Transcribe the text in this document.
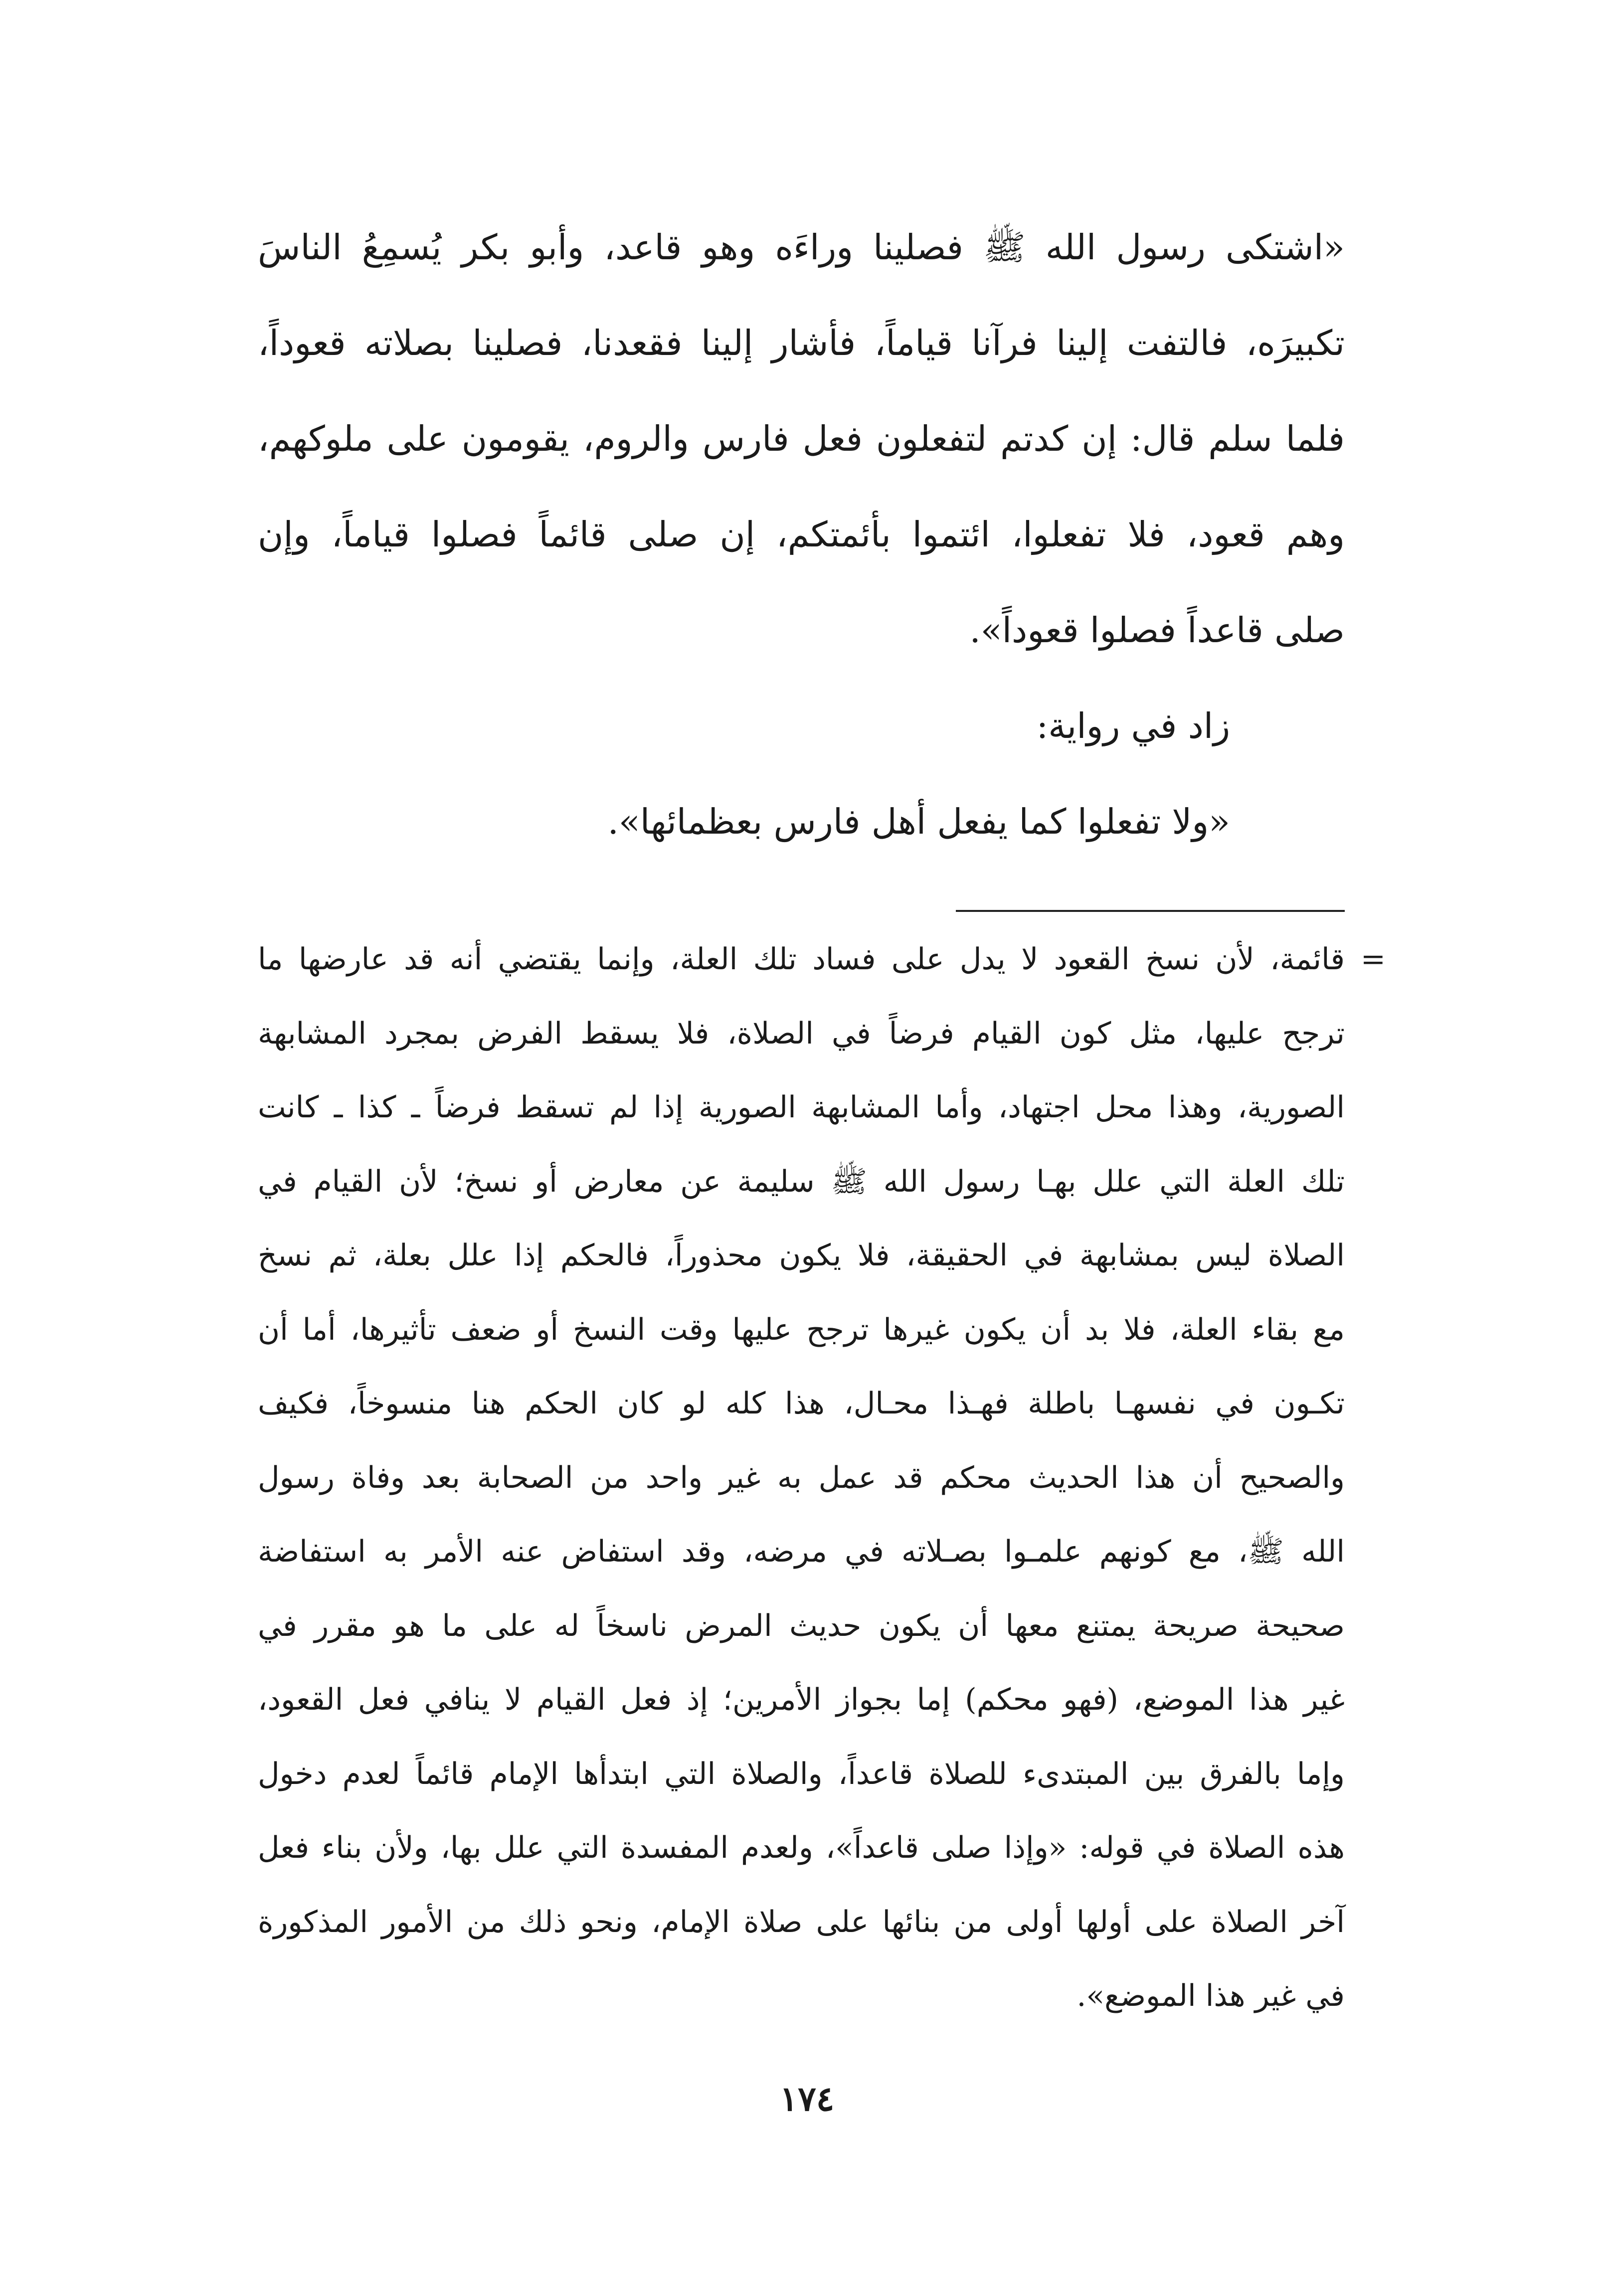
«اشتكى رسول الله ﷺ فصلينا وراءَه وهو قاعد، وأبو بكر يُسمِعُ الناسَ
تكبيرَه، فالتفت إلينا فرآنا قياماً، فأشار إلينا فقعدنا، فصلينا بصلاته قعوداً،
فلما سلم قال: إن كدتم لتفعلون فعل فارس والروم، يقومون على ملوكهم،
وهم قعود، فلا تفعلوا، ائتموا بأئمتكم، إن صلى قائماً فصلوا قياماً، وإن
صلى قاعداً فصلوا قعوداً».
زاد في رواية:
«ولا تفعلوا كما يفعل أهل فارس بعظمائها».
=
قائمة، لأن نسخ القعود لا يدل على فساد تلك العلة، وإنما يقتضي أنه قد عارضها ما
ترجح عليها، مثل كون القيام فرضاً في الصلاة، فلا يسقط الفرض بمجرد المشابهة
الصورية، وهذا محل اجتهاد، وأما المشابهة الصورية إذا لم تسقط فرضاً ـ كذا ـ كانت
تلك العلة التي علل بهـا رسول الله ﷺ سليمة عن معارض أو نسخ؛ لأن القيام في
الصلاة ليس بمشابهة في الحقيقة، فلا يكون محذوراً، فالحكم إذا علل بعلة، ثم نسخ
مع بقاء العلة، فلا بد أن يكون غيرها ترجح عليها وقت النسخ أو ضعف تأثيرها، أما أن
تكـون في نفسهـا باطلة فهـذا محـال، هذا كله لو كان الحكم هنا منسوخاً، فكيف
والصحيح أن هذا الحديث محكم قد عمل به غير واحد من الصحابة بعد وفاة رسول
الله ﷺ، مع كونهم علمـوا بصـلاته في مرضه، وقد استفاض عنه الأمر به استفاضة
صحيحة صريحة يمتنع معها أن يكون حديث المرض ناسخاً له على ما هو مقرر في
غير هذا الموضع، (فهو محكم) إما بجواز الأمرين؛ إذ فعل القيام لا ينافي فعل القعود،
وإما بالفرق بين المبتدىء للصلاة قاعداً، والصلاة التي ابتدأها الإمام قائماً لعدم دخول
هذه الصلاة في قوله: «وإذا صلى قاعداً»، ولعدم المفسدة التي علل بها، ولأن بناء فعل
آخر الصلاة على أولها أولى من بنائها على صلاة الإمام، ونحو ذلك من الأمور المذكورة
في غير هذا الموضع».
١٧٤
